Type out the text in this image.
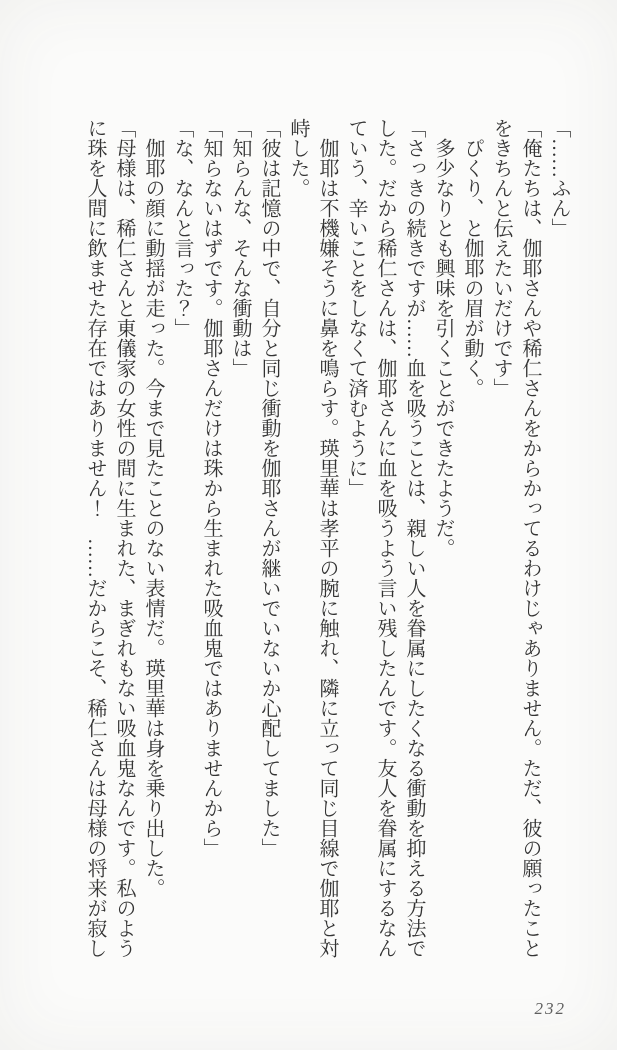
「……ふん」
「俺たちは、伽耶さんや稀仁さんをからかってるわけじゃありません。ただ、彼の願ったこと
をきちんと伝えたいだけです」
　ぴくり、と伽耶の眉が動く。
　多少なりとも興味を引くことができたようだ。
「さっきの続きですが……血を吸うことは、親しい人を眷属にしたくなる衝動を抑える方法で
した。だから稀仁さんは、伽耶さんに血を吸うよう言い残したんです。友人を眷属にするなん
ていう、辛いことをしなくて済むように」
　伽耶は不機嫌そうに鼻を鳴らす。瑛里華は孝平の腕に触れ、隣に立って同じ目線で伽耶と対
峙した。
「彼は記憶の中で、自分と同じ衝動を伽耶さんが継いでいないか心配してました」
「知らんな、そんな衝動は」
「知らないはずです。伽耶さんだけは珠から生まれた吸血鬼ではありませんから」
「な、なんと言った？」
　伽耶の顔に動揺が走った。今まで見たことのない表情だ。瑛里華は身を乗り出した。
「母様は、稀仁さんと東儀家の女性の間に生まれた、まぎれもない吸血鬼なんです。私のよう
に珠を人間に飲ませた存在ではありません！　……だからこそ、稀仁さんは母様の将来が寂し
232
